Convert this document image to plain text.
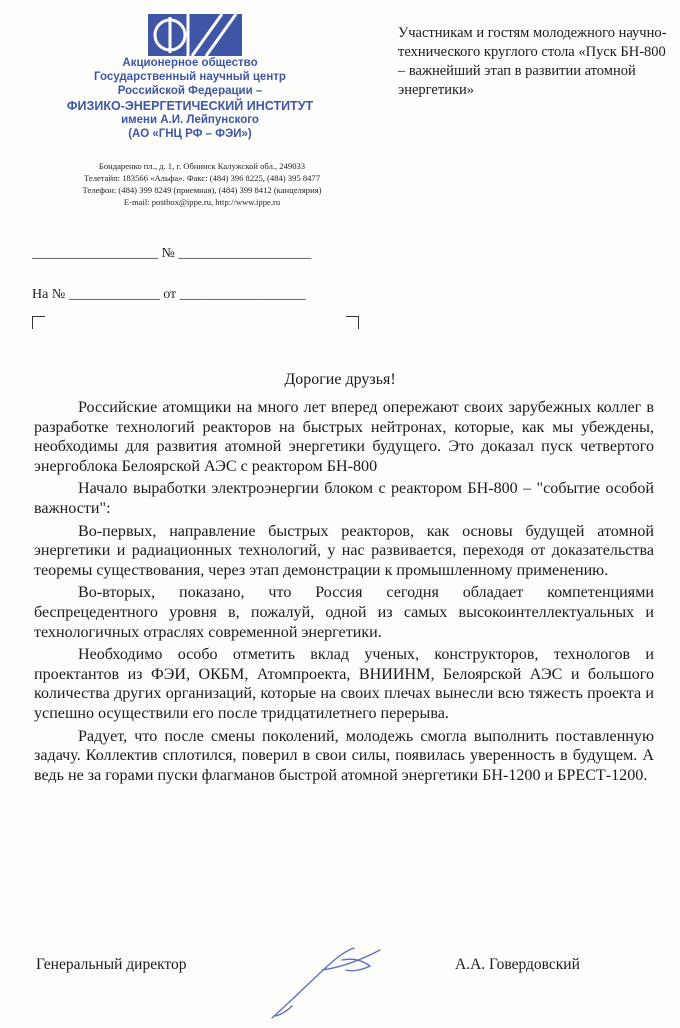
Акционерное общество
Государственный научный центр
Российской Федерации –
ФИЗИКО-ЭНЕРГЕТИЧЕСКИЙ ИНСТИТУТ
имени А.И. Лейпунского
(АО «ГНЦ РФ – ФЭИ»)
Бондаренко пл., д. 1, г. Обнинск Калужской обл., 249033
Телетайп: 183566 «Альфа». Факс: (484) 396 8225, (484) 395 8477
Телефон: (484) 399 8249 (приемная), (484) 399 8412 (канцелярия)
E-mail: postbox@ippe.ru, http://www.ippe.ru
Участникам и гостям молодежного научно-технического круглого стола «Пуск БН-800 – важнейший этап в развитии атомной энергетики»
__________________ № ___________________
На № _____________ от __________________
Дорогие друзья!

Российские атомщики на много лет вперед опережают своих зарубежных коллег в разработке технологий реакторов на быстрых нейтронах, которые, как мы убеждены, необходимы для развития атомной энергетики будущего. Это доказал пуск четвертого энергоблока Белоярской АЭС с реактором БН-800

Начало выработки электроэнергии блоком с реактором БН-800 – "событие особой важности":

Во-первых, направление быстрых реакторов, как основы будущей атомной энергетики и радиационных технологий, у нас развивается, переходя от доказательства теоремы существования, через этап демонстрации к промышленному применению.

Во-вторых, показано, что Россия сегодня обладает компетенциями беспрецедентного уровня в, пожалуй, одной из самых высокоинтеллектуальных и технологичных отраслях современной энергетики.

Необходимо особо отметить вклад ученых, конструкторов, технологов и проектантов из ФЭИ, ОКБМ, Атомпроекта, ВНИИНМ, Белоярской АЭС и большого количества других организаций, которые на своих плечах вынесли всю тяжесть проекта и успешно осуществили его после тридцатилетнего перерыва.

Радует, что после смены поколений, молодежь смогла выполнить поставленную задачу. Коллектив сплотился, поверил в свои силы, появилась уверенность в будущем. А ведь не за горами пуски флагманов быстрой атомной энергетики БН-1200 и БРЕСТ-1200.

Генеральный директор	А.А. Говердовский
